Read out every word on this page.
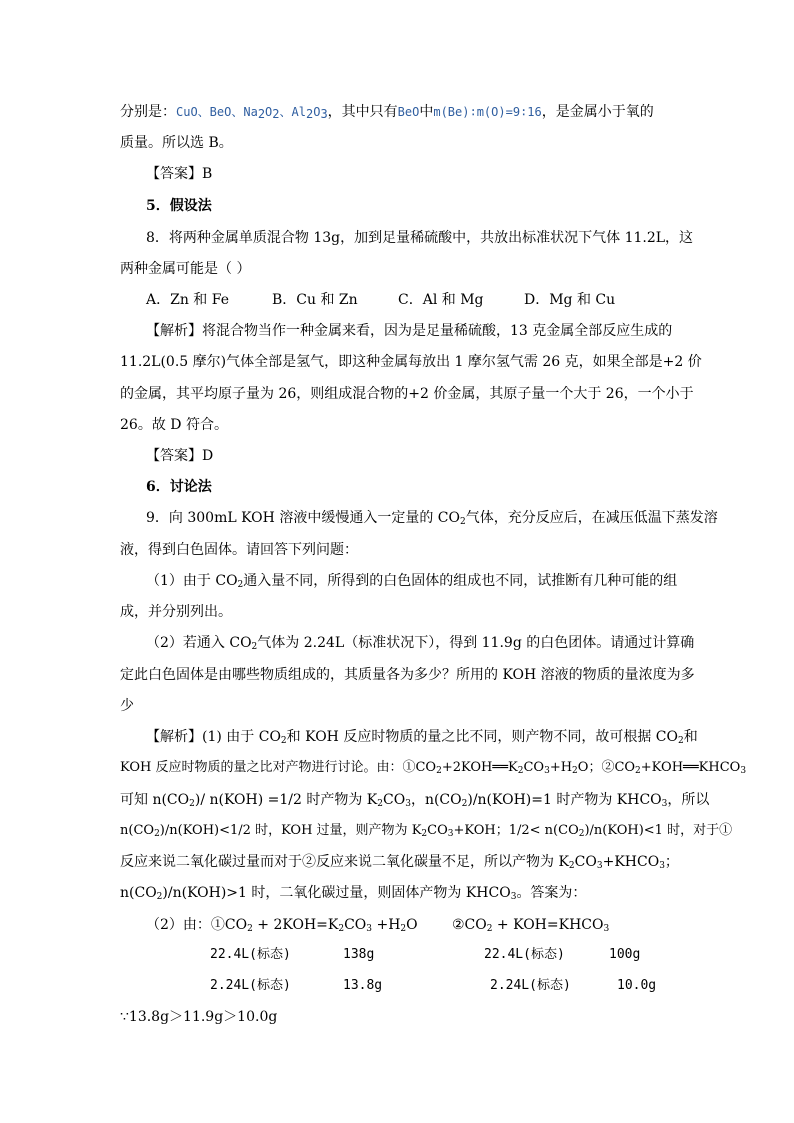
分别是：CuO、BeO、$Na_2O_2$、$Al_2O_3$，其中只有BeO中m(Be)∶m(O)=9∶16，是金属小于氧的
质量。所以选 B。
【答案】B
5．假设法
8．将两种金属单质混合物 13g，加到足量稀硫酸中，共放出标准状况下气体 11.2L，这
两种金属可能是（ ）
A．Zn 和 Fe	B．Cu 和 Zn	C．Al 和 Mg	D．Mg 和 Cu
【解析】将混合物当作一种金属来看，因为是足量稀硫酸，13 克金属全部反应生成的
11.2L(0.5 摩尔)气体全部是氢气，即这种金属每放出 1 摩尔氢气需 26 克，如果全部是+2 价
的金属，其平均原子量为 26，则组成混合物的+2 价金属，其原子量一个大于 26，一个小于
26。故 D 符合。
【答案】D
6．讨论法
9．向 300mL KOH 溶液中缓慢通入一定量的 $CO_2$气体，充分反应后，在减压低温下蒸发溶
液，得到白色固体。请回答下列问题：
（1）由于 $CO_2$通入量不同，所得到的白色固体的组成也不同，试推断有几种可能的组
成，并分别列出。
（2）若通入 $CO_2$气体为 2.24L（标准状况下），得到 11.9g 的白色团体。请通过计算确
定此白色固体是由哪些物质组成的，其质量各为多少？所用的 KOH 溶液的物质的量浓度为多
少
【解析】(1) 由于 $CO_2$和 KOH 反应时物质的量之比不同，则产物不同，故可根据 $CO_2$和
KOH 反应时物质的量之比对产物进行讨论。由：$①CO_2+2KOH══K_2CO_3+H_2O$；$②CO_2+KOH══KHCO_3$
可知 $n(CO_2)/$ n(KOH) =1/2 时产物为 $K_2CO_3$，$n(CO_2)/n(KOH)=1$ 时产物为 $KHCO_3$，所以
$n(CO_2)/n(KOH)<1/2$ 时，KOH 过量，则产物为 $K_2CO_3+KOH$；$1/2< n(CO_2)/n(KOH)<1$ 时，对于①
反应来说二氧化碳过量而对于②反应来说二氧化碳量不足，所以产物为 $K_2CO_3+KHCO_3$；
$n(CO_2)/n(KOH)>1$ 时，二氧化碳过量，则固体产物为 $KHCO_3$。答案为：
（2）由：$①CO_2 + 2KOH=K_2CO_3 +H_2O$ $②CO_2$ + $KOH=KHCO_3$
22.4L(标态)	138g	22.4L(标态)	100g
2.24L(标态)	13.8g	2.24L(标态)	10.0g
∵13.8g＞11.9g＞10.0g
